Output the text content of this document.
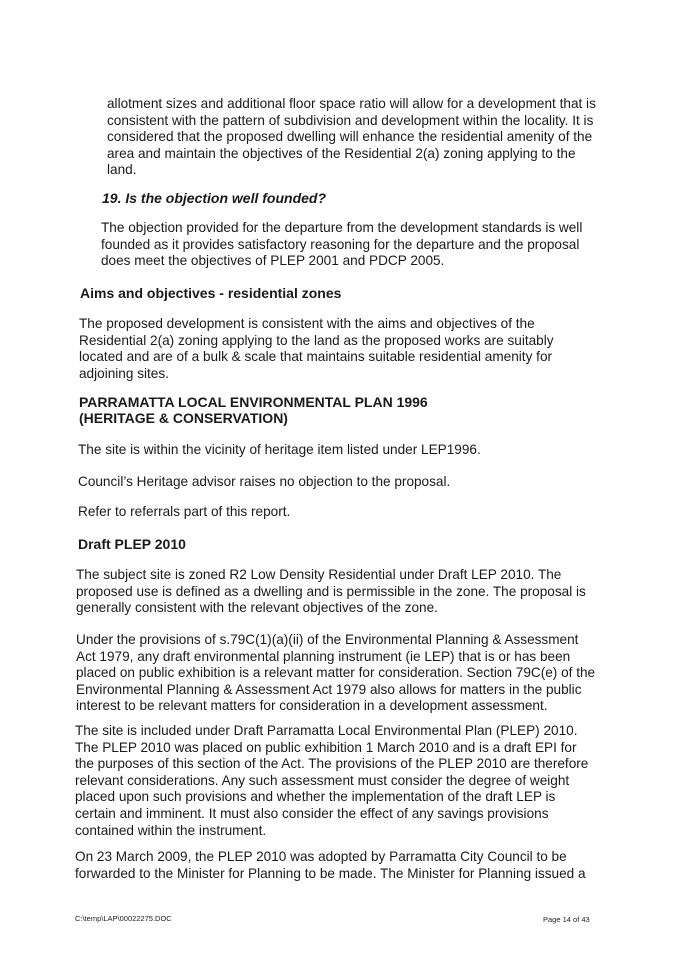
allotment sizes and additional floor space ratio will allow for a development that is consistent with the pattern of subdivision and development within the locality. It is considered that the proposed dwelling will enhance the residential amenity of the area and maintain the objectives of the Residential 2(a) zoning applying to the land.

19. Is the objection well founded?

The objection provided for the departure from the development standards is well founded as it provides satisfactory reasoning for the departure and the proposal does meet the objectives of PLEP 2001 and PDCP 2005.

Aims and objectives - residential zones

The proposed development is consistent with the aims and objectives of the Residential 2(a) zoning applying to the land as the proposed works are suitably located and are of a bulk & scale that maintains suitable residential amenity for adjoining sites.

PARRAMATTA LOCAL ENVIRONMENTAL PLAN 1996

(HERITAGE & CONSERVATION)

The site is within the vicinity of heritage item listed under LEP1996.

Council’s Heritage advisor raises no objection to the proposal.

Refer to referrals part of this report.

Draft PLEP 2010

The subject site is zoned R2 Low Density Residential under Draft LEP 2010. The proposed use is defined as a dwelling and is permissible in the zone. The proposal is generally consistent with the relevant objectives of the zone.

Under the provisions of s.79C(1)(a)(ii) of the Environmental Planning & Assessment Act 1979, any draft environmental planning instrument (ie LEP) that is or has been placed on public exhibition is a relevant matter for consideration. Section 79C(e) of the Environmental Planning & Assessment Act 1979 also allows for matters in the public interest to be relevant matters for consideration in a development assessment.

The site is included under Draft Parramatta Local Environmental Plan (PLEP) 2010. The PLEP 2010 was placed on public exhibition 1 March 2010 and is a draft EPI for the purposes of this section of the Act. The provisions of the PLEP 2010 are therefore relevant considerations. Any such assessment must consider the degree of weight placed upon such provisions and whether the implementation of the draft LEP is certain and imminent. It must also consider the effect of any savings provisions contained within the instrument.

On 23 March 2009, the PLEP 2010 was adopted by Parramatta City Council to be forwarded to the Minister for Planning to be made. The Minister for Planning issued a

C:\temp\LAP\00022275.DOC	Page 14 of 43
